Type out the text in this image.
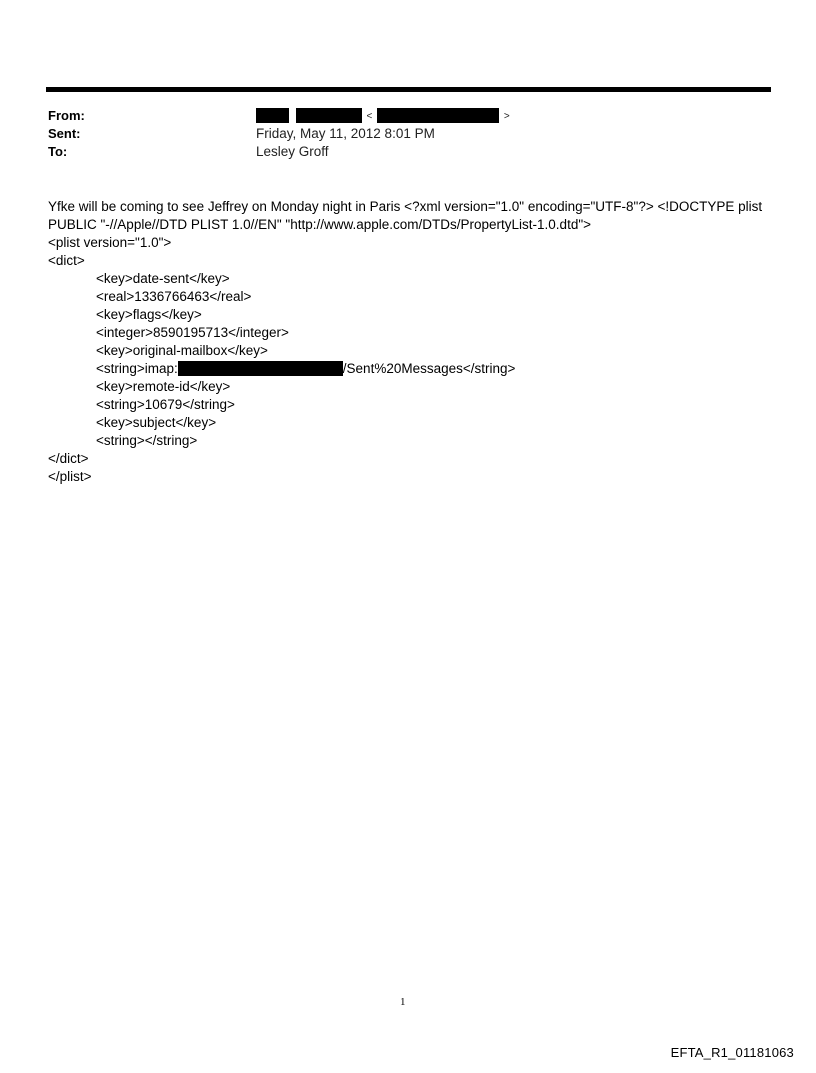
From:	<	>
Sent:	Friday, May 11, 2012 8:01 PM
To:	Lesley Groff
Yfke will be coming to see Jeffrey on Monday night in Paris <?xml version="1.0" encoding="UTF-8"?> <!DOCTYPE plist
PUBLIC "-//Apple//DTD PLIST 1.0//EN" "http://www.apple.com/DTDs/PropertyList-1.0.dtd">
<plist version="1.0">
<dict>
<key>date-sent</key>
<real>1336766463</real>
<key>flags</key>
<integer>8590195713</integer>
<key>original-mailbox</key>
<string>imap:	/Sent%20Messages</string>
<key>remote-id</key>
<string>10679</string>
<key>subject</key>
<string></string>
</dict>
</plist>
1
EFTA_R1_01181063
